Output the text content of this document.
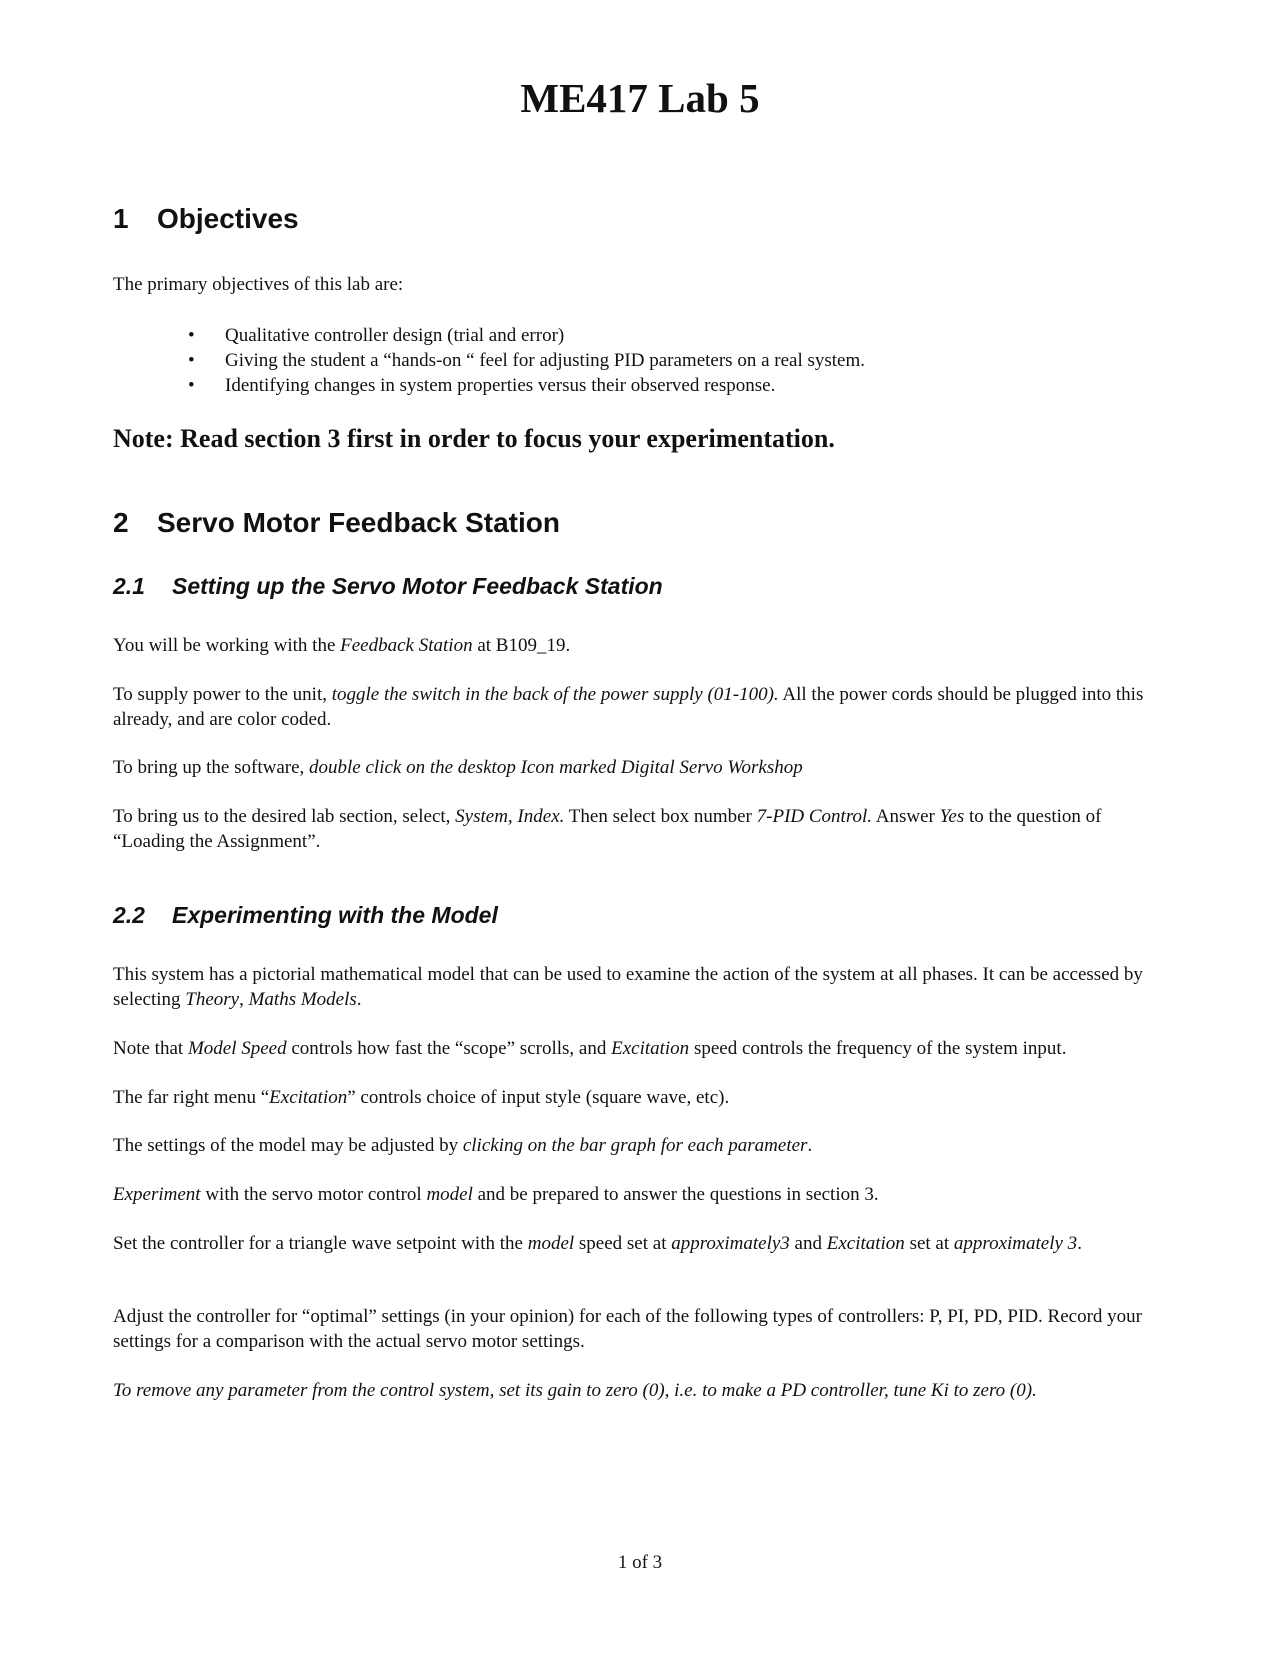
ME417 Lab 5
1 Objectives

The primary objectives of this lab are:

• Qualitative controller design (trial and error)
• Giving the student a “hands-on “ feel for adjusting PID parameters on a real system.
• Identifying changes in system properties versus their observed response.

Note: Read section 3 first in order to focus your experimentation.

2 Servo Motor Feedback Station
2.1 Setting up the Servo Motor Feedback Station

You will be working with the Feedback Station at B109_19.

To supply power to the unit, toggle the switch in the back of the power supply (01-100). All the power cords should be plugged into this already, and are color coded.

To bring up the software, double click on the desktop Icon marked Digital Servo Workshop

To bring us to the desired lab section, select, System, Index. Then select box number 7-PID Control. Answer Yes to the question of “Loading the Assignment”.

2.2 Experimenting with the Model

This system has a pictorial mathematical model that can be used to examine the action of the system at all phases. It can be accessed by selecting Theory, Maths Models.

Note that Model Speed controls how fast the “scope” scrolls, and Excitation speed controls the frequency of the system input.

The far right menu “Excitation” controls choice of input style (square wave, etc).

The settings of the model may be adjusted by clicking on the bar graph for each parameter.

Experiment with the servo motor control model and be prepared to answer the questions in section 3.

Set the controller for a triangle wave setpoint with the model speed set at approximately3 and Excitation set at approximately 3.

Adjust the controller for “optimal” settings (in your opinion) for each of the following types of controllers: P, PI, PD, PID. Record your settings for a comparison with the actual servo motor settings.

To remove any parameter from the control system, set its gain to zero (0), i.e. to make a PD controller, tune Ki to zero (0).

1 of 3
